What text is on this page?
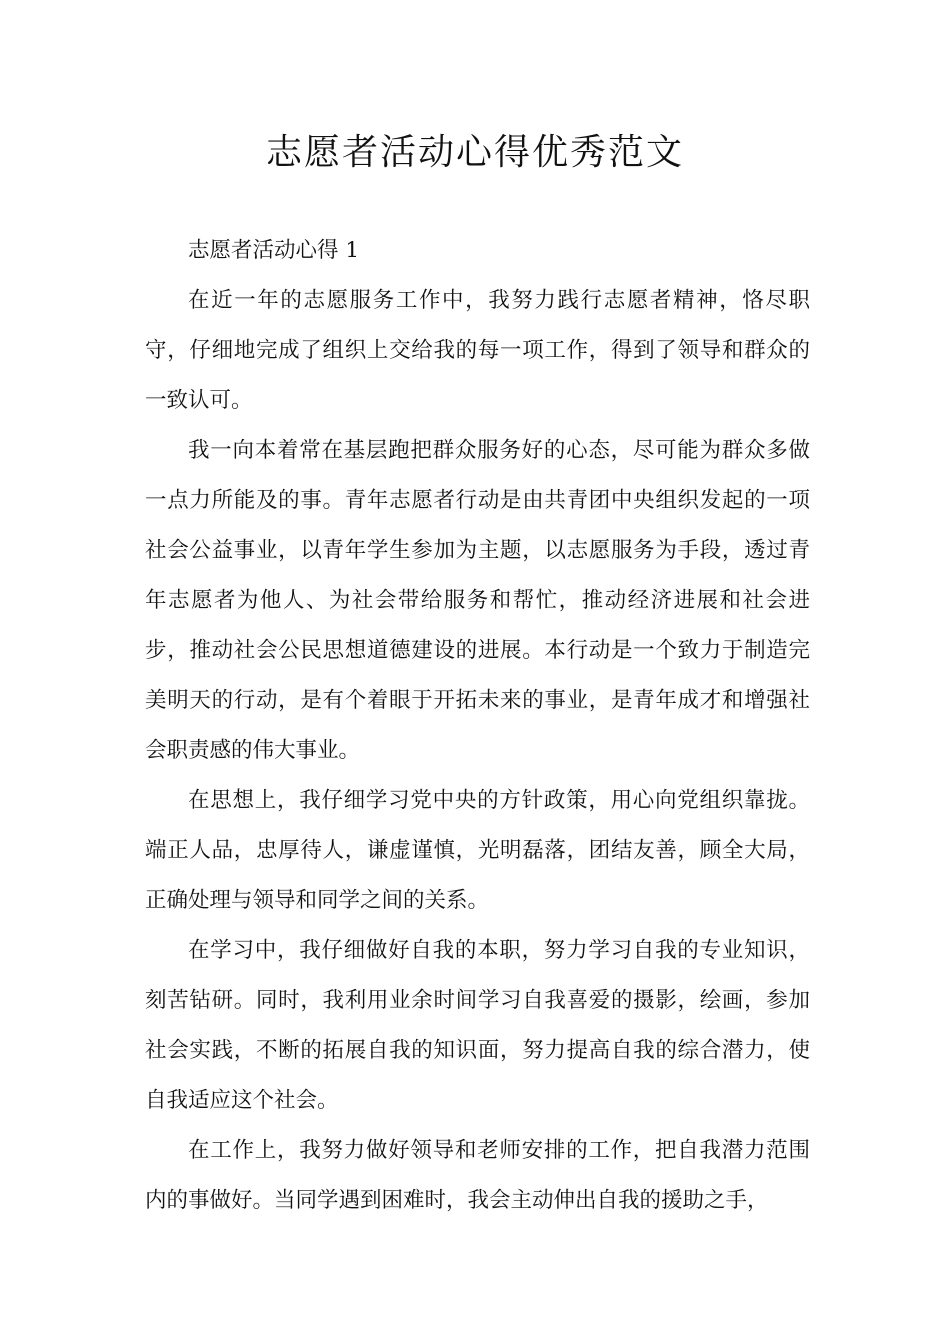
志愿者活动心得优秀范文

志愿者活动心得 1

在近一年的志愿服务工作中，我努力践行志愿者精神，恪尽职守，仔细地完成了组织上交给我的每一项工作，得到了领导和群众的一致认可。

我一向本着常在基层跑把群众服务好的心态，尽可能为群众多做一点力所能及的事。青年志愿者行动是由共青团中央组织发起的一项社会公益事业，以青年学生参加为主题，以志愿服务为手段，透过青年志愿者为他人、为社会带给服务和帮忙，推动经济进展和社会进步，推动社会公民思想道德建设的进展。本行动是一个致力于制造完美明天的行动，是有个着眼于开拓未来的事业，是青年成才和增强社会职责感的伟大事业。

在思想上，我仔细学习党中央的方针政策，用心向党组织靠拢。端正人品，忠厚待人，谦虚谨慎，光明磊落，团结友善，顾全大局，正确处理与领导和同学之间的关系。

在学习中，我仔细做好自我的本职，努力学习自我的专业知识，刻苦钻研。同时，我利用业余时间学习自我喜爱的摄影，绘画，参加社会实践，不断的拓展自我的知识面，努力提高自我的综合潜力，使自我适应这个社会。

在工作上，我努力做好领导和老师安排的工作，把自我潜力范围内的事做好。当同学遇到困难时，我会主动伸出自我的援助之手，
